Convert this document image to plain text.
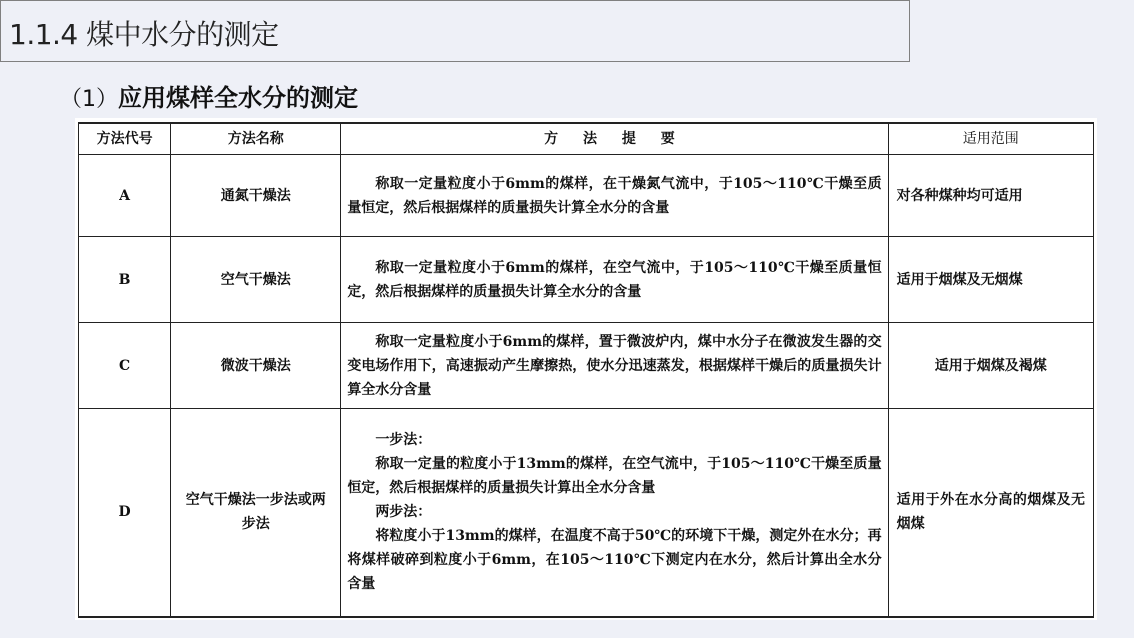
1.1.4 煤中水分的测定
（1）应用煤样全水分的测定
方法代号	方法名称	方 法 提 要	适用范围
A	通氮干燥法	称取一定量粒度小于6mm的煤样，在干燥氮气流中，于105～110℃干燥至质量恒定，然后根据煤样的质量损失计算全水分的含量	对各种煤种均可适用
B	空气干燥法	称取一定量粒度小于6mm的煤样，在空气流中，于105～110℃干燥至质量恒定，然后根据煤样的质量损失计算全水分的含量	适用于烟煤及无烟煤
C	微波干燥法	称取一定量粒度小于6mm的煤样，置于微波炉内，煤中水分子在微波发生器的交变电场作用下，高速振动产生摩擦热，使水分迅速蒸发，根据煤样干燥后的质量损失计算全水分含量	适用于烟煤及褐煤
D	空气干燥法一步法或两步法	一步法：
称取一定量的粒度小于13mm的煤样，在空气流中，于105～110℃干燥至质量恒定，然后根据煤样的质量损失计算出全水分含量
两步法：
将粒度小于13mm的煤样，在温度不高于50℃的环境下干燥，测定外在水分；再将煤样破碎到粒度小于6mm，在105～110℃下测定内在水分，然后计算出全水分含量	适用于外在水分高的烟煤及无烟煤
